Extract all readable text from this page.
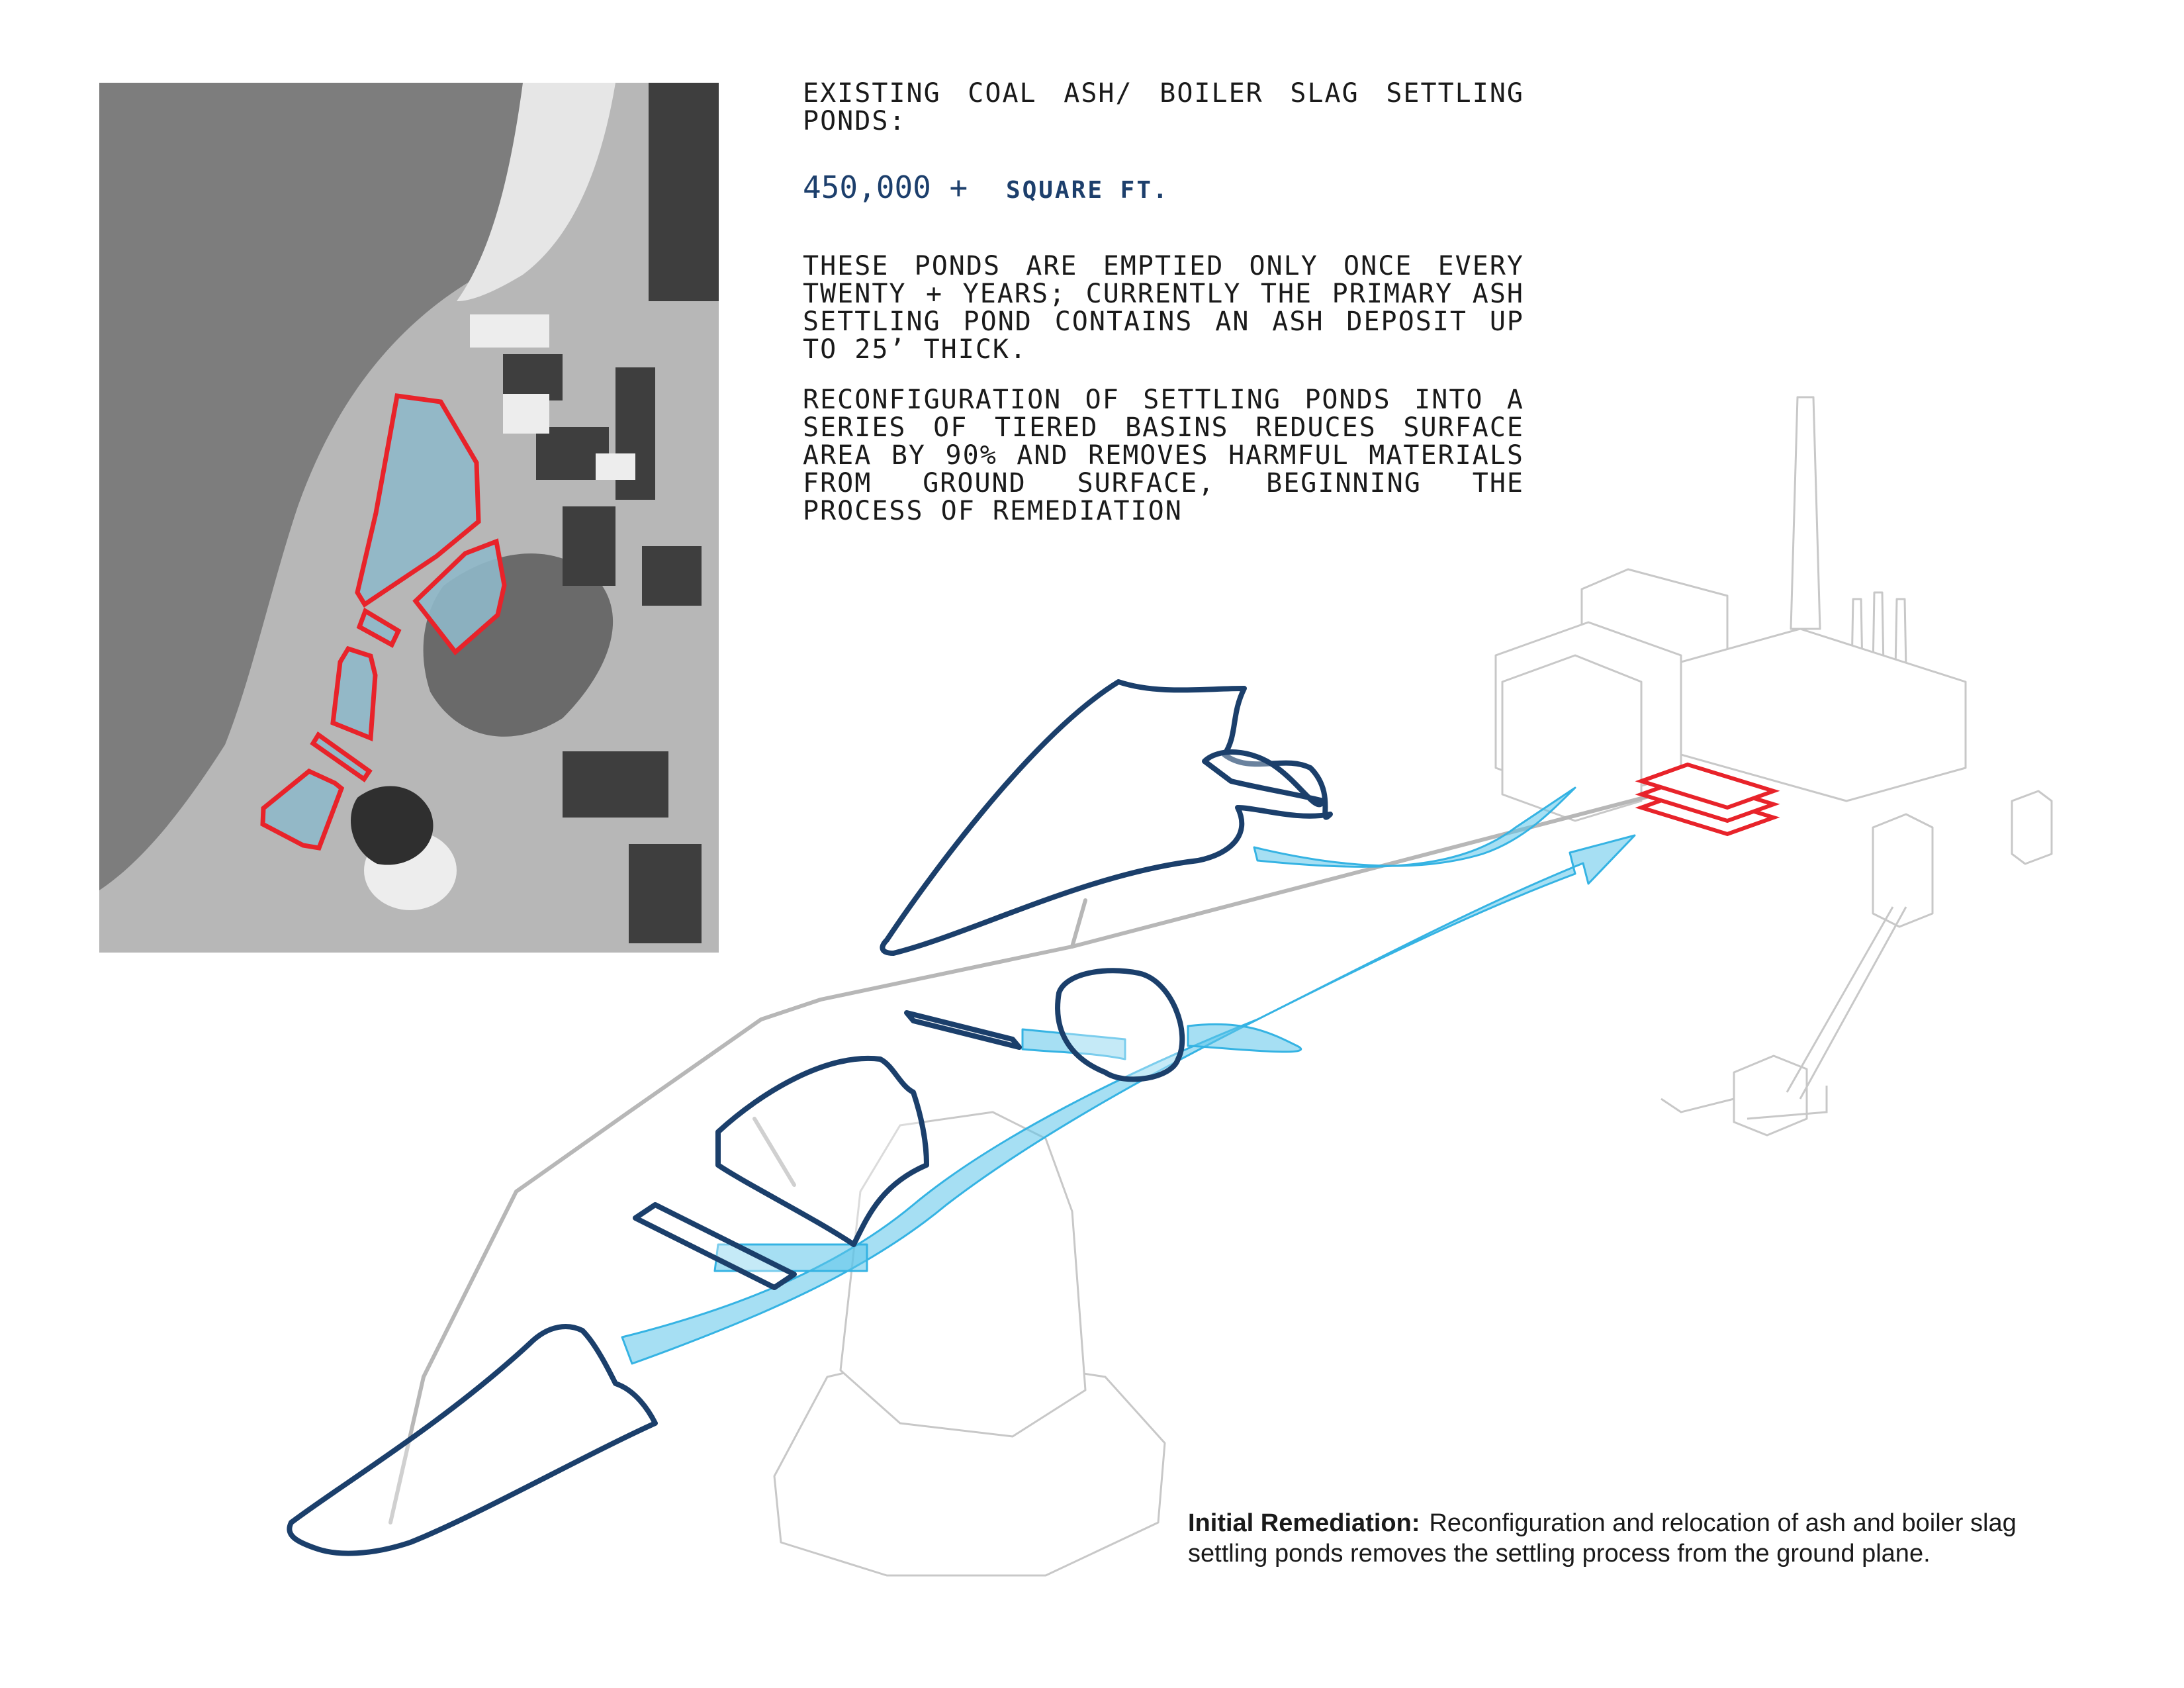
EXISTING COAL ASH/ BOILER SLAG SETTLING PONDS:

450,000 + SQUARE FT.

THESE PONDS ARE EMPTIED ONLY ONCE EVERY TWENTY + YEARS; CURRENTLY THE PRIMARY ASH SETTLING POND CONTAINS AN ASH DEPOSIT UP TO 25’ THICK.

RECONFIGURATION OF SETTLING PONDS INTO A SERIES OF TIERED BASINS REDUCES SURFACE AREA BY 90% AND REMOVES HARMFUL MATERIALS FROM GROUND SURFACE, BEGINNING THE PROCESS OF REMEDIATION

Initial Remediation: Reconfiguration and relocation of ash and boiler slag settling ponds removes the settling process from the ground plane.
